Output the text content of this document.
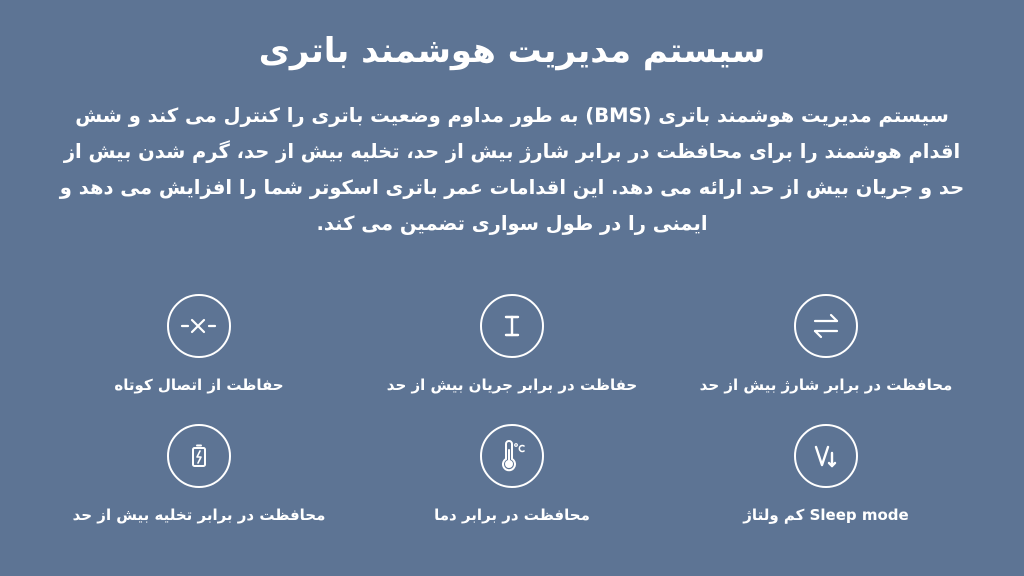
سیستم مدیریت هوشمند باتری
سیستم مدیریت هوشمند باتری (BMS) به طور مداوم وضعیت باتری را کنترل می کند و شش اقدام هوشمند را برای محافظت در برابر شارژ بیش از حد، تخلیه بیش از حد، گرم شدن بیش از حد و جریان بیش از حد ارائه می دهد. این اقدامات عمر باتری اسکوتر شما را افزایش می دهد و ایمنی را در طول سواری تضمین می کند.
محافظت در برابر شارژ بیش از حد
حفاظت در برابر جریان بیش از حد
حفاظت از اتصال کوتاه
Sleep mode کم ولتاژ
محافظت در برابر دما
محافظت در برابر تخلیه بیش از حد
